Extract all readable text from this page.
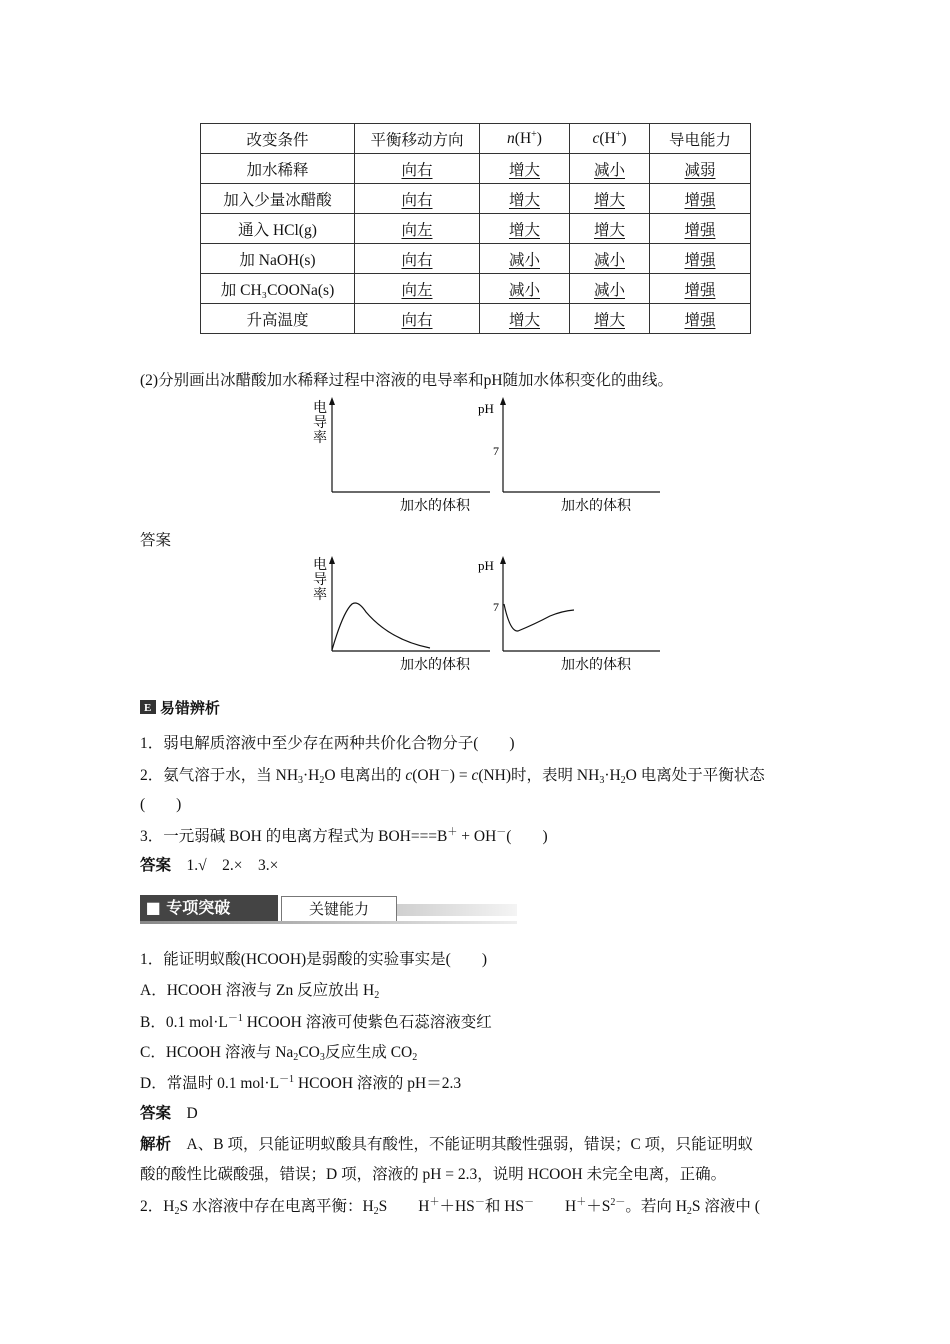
改变条件	平衡移动方向	n(H+)	c(H+)	导电能力
加水稀释	向右	增大	减小	减弱
加入少量冰醋酸	向右	增大	增大	增强
通入 HCl(g)	向左	增大	增大	增强
加 NaOH(s)	向右	减小	减小	增强
加 CH₃COONa(s)	向左	减小	减小	增强
升高温度	向右	增大	增大	增强
(2)分别画出冰醋酸加水稀释过程中溶液的电导率和pH随加水体积变化的曲线。
电
导
率
加水的体积
pH
7
加水的体积
答案
电
导
率
加水的体积
pH
7
加水的体积
E 易错辨析
1．弱电解质溶液中至少存在两种共价化合物分子(　　)
2．氨气溶于水，当 $NH_3\cdot H_2O$ 电离出的 c(OH－) = c(NH)时，表明 $NH_3\cdot H_2O$ 电离处于平衡状态
(　　)
3．一元弱碱 BOH 的电离方程式为 BOH===B＋ + OH－(　　)
答案　1.√　2.×　3.×
■ 专项突破	关键能力
1．能证明蚁酸(HCOOH)是弱酸的实验事实是(　　)
A．HCOOH 溶液与 Zn 反应放出 $H_2$
B．0.1 $mol\cdot L^{-1}$ HCOOH 溶液可使紫色石蕊溶液变红
C．HCOOH 溶液与 $Na_2CO_3$反应生成 $CO_2$
D．常温时 0.1 $mol\cdot L^{-1}$ HCOOH 溶液的 pH＝2.3
答案　 D
解析　 A、B 项，只能证明蚁酸具有酸性，不能证明其酸性强弱，错误；C 项，只能证明蚁
酸的酸性比碳酸强，错误；D 项，溶液的 pH = 2.3，说明 HCOOH 未完全电离，正确。
2．$H_2S$ 水溶液中存在电离平衡：$H_2S$　　H＋＋HS－和 HS－　　$H^++S^{2-}$。若向 $H_2S$ 溶液中 (
